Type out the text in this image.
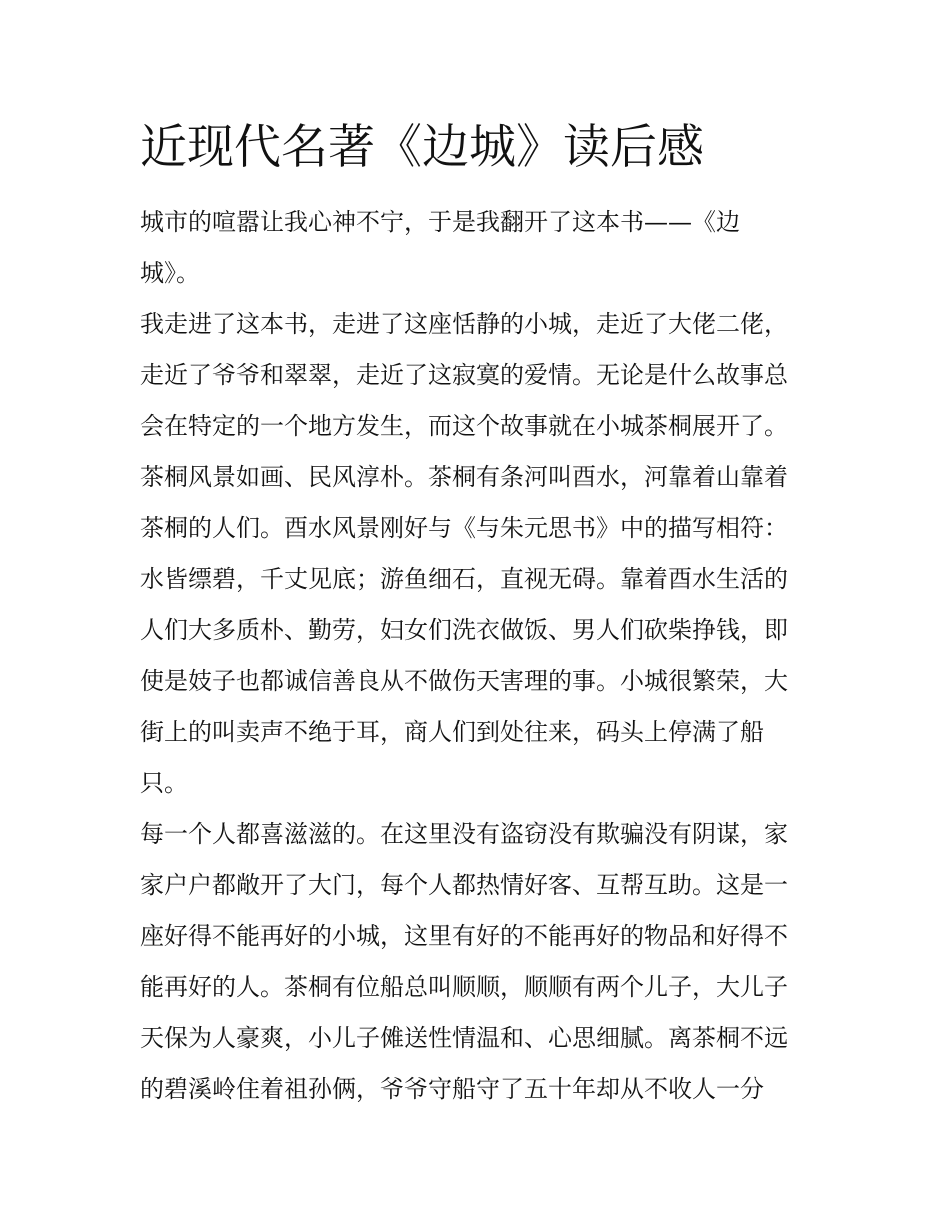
近现代名著《边城》读后感
城市的喧嚣让我心神不宁，于是我翻开了这本书——《边
城》。
我走进了这本书，走进了这座恬静的小城，走近了大佬二佬，
走近了爷爷和翠翠，走近了这寂寞的爱情。无论是什么故事总
会在特定的一个地方发生，而这个故事就在小城茶桐展开了。
茶桐风景如画、民风淳朴。茶桐有条河叫酉水，河靠着山靠着
茶桐的人们。酉水风景刚好与《与朱元思书》中的描写相符：
水皆缥碧，千丈见底；游鱼细石，直视无碍。靠着酉水生活的
人们大多质朴、勤劳，妇女们洗衣做饭、男人们砍柴挣钱，即
使是妓子也都诚信善良从不做伤天害理的事。小城很繁荣，大
街上的叫卖声不绝于耳，商人们到处往来，码头上停满了船
只。
每一个人都喜滋滋的。在这里没有盗窃没有欺骗没有阴谋，家
家户户都敞开了大门，每个人都热情好客、互帮互助。这是一
座好得不能再好的小城，这里有好的不能再好的物品和好得不
能再好的人。茶桐有位船总叫顺顺，顺顺有两个儿子，大儿子
天保为人豪爽，小儿子傩送性情温和、心思细腻。离茶桐不远
的碧溪岭住着祖孙俩，爷爷守船守了五十年却从不收人一分
